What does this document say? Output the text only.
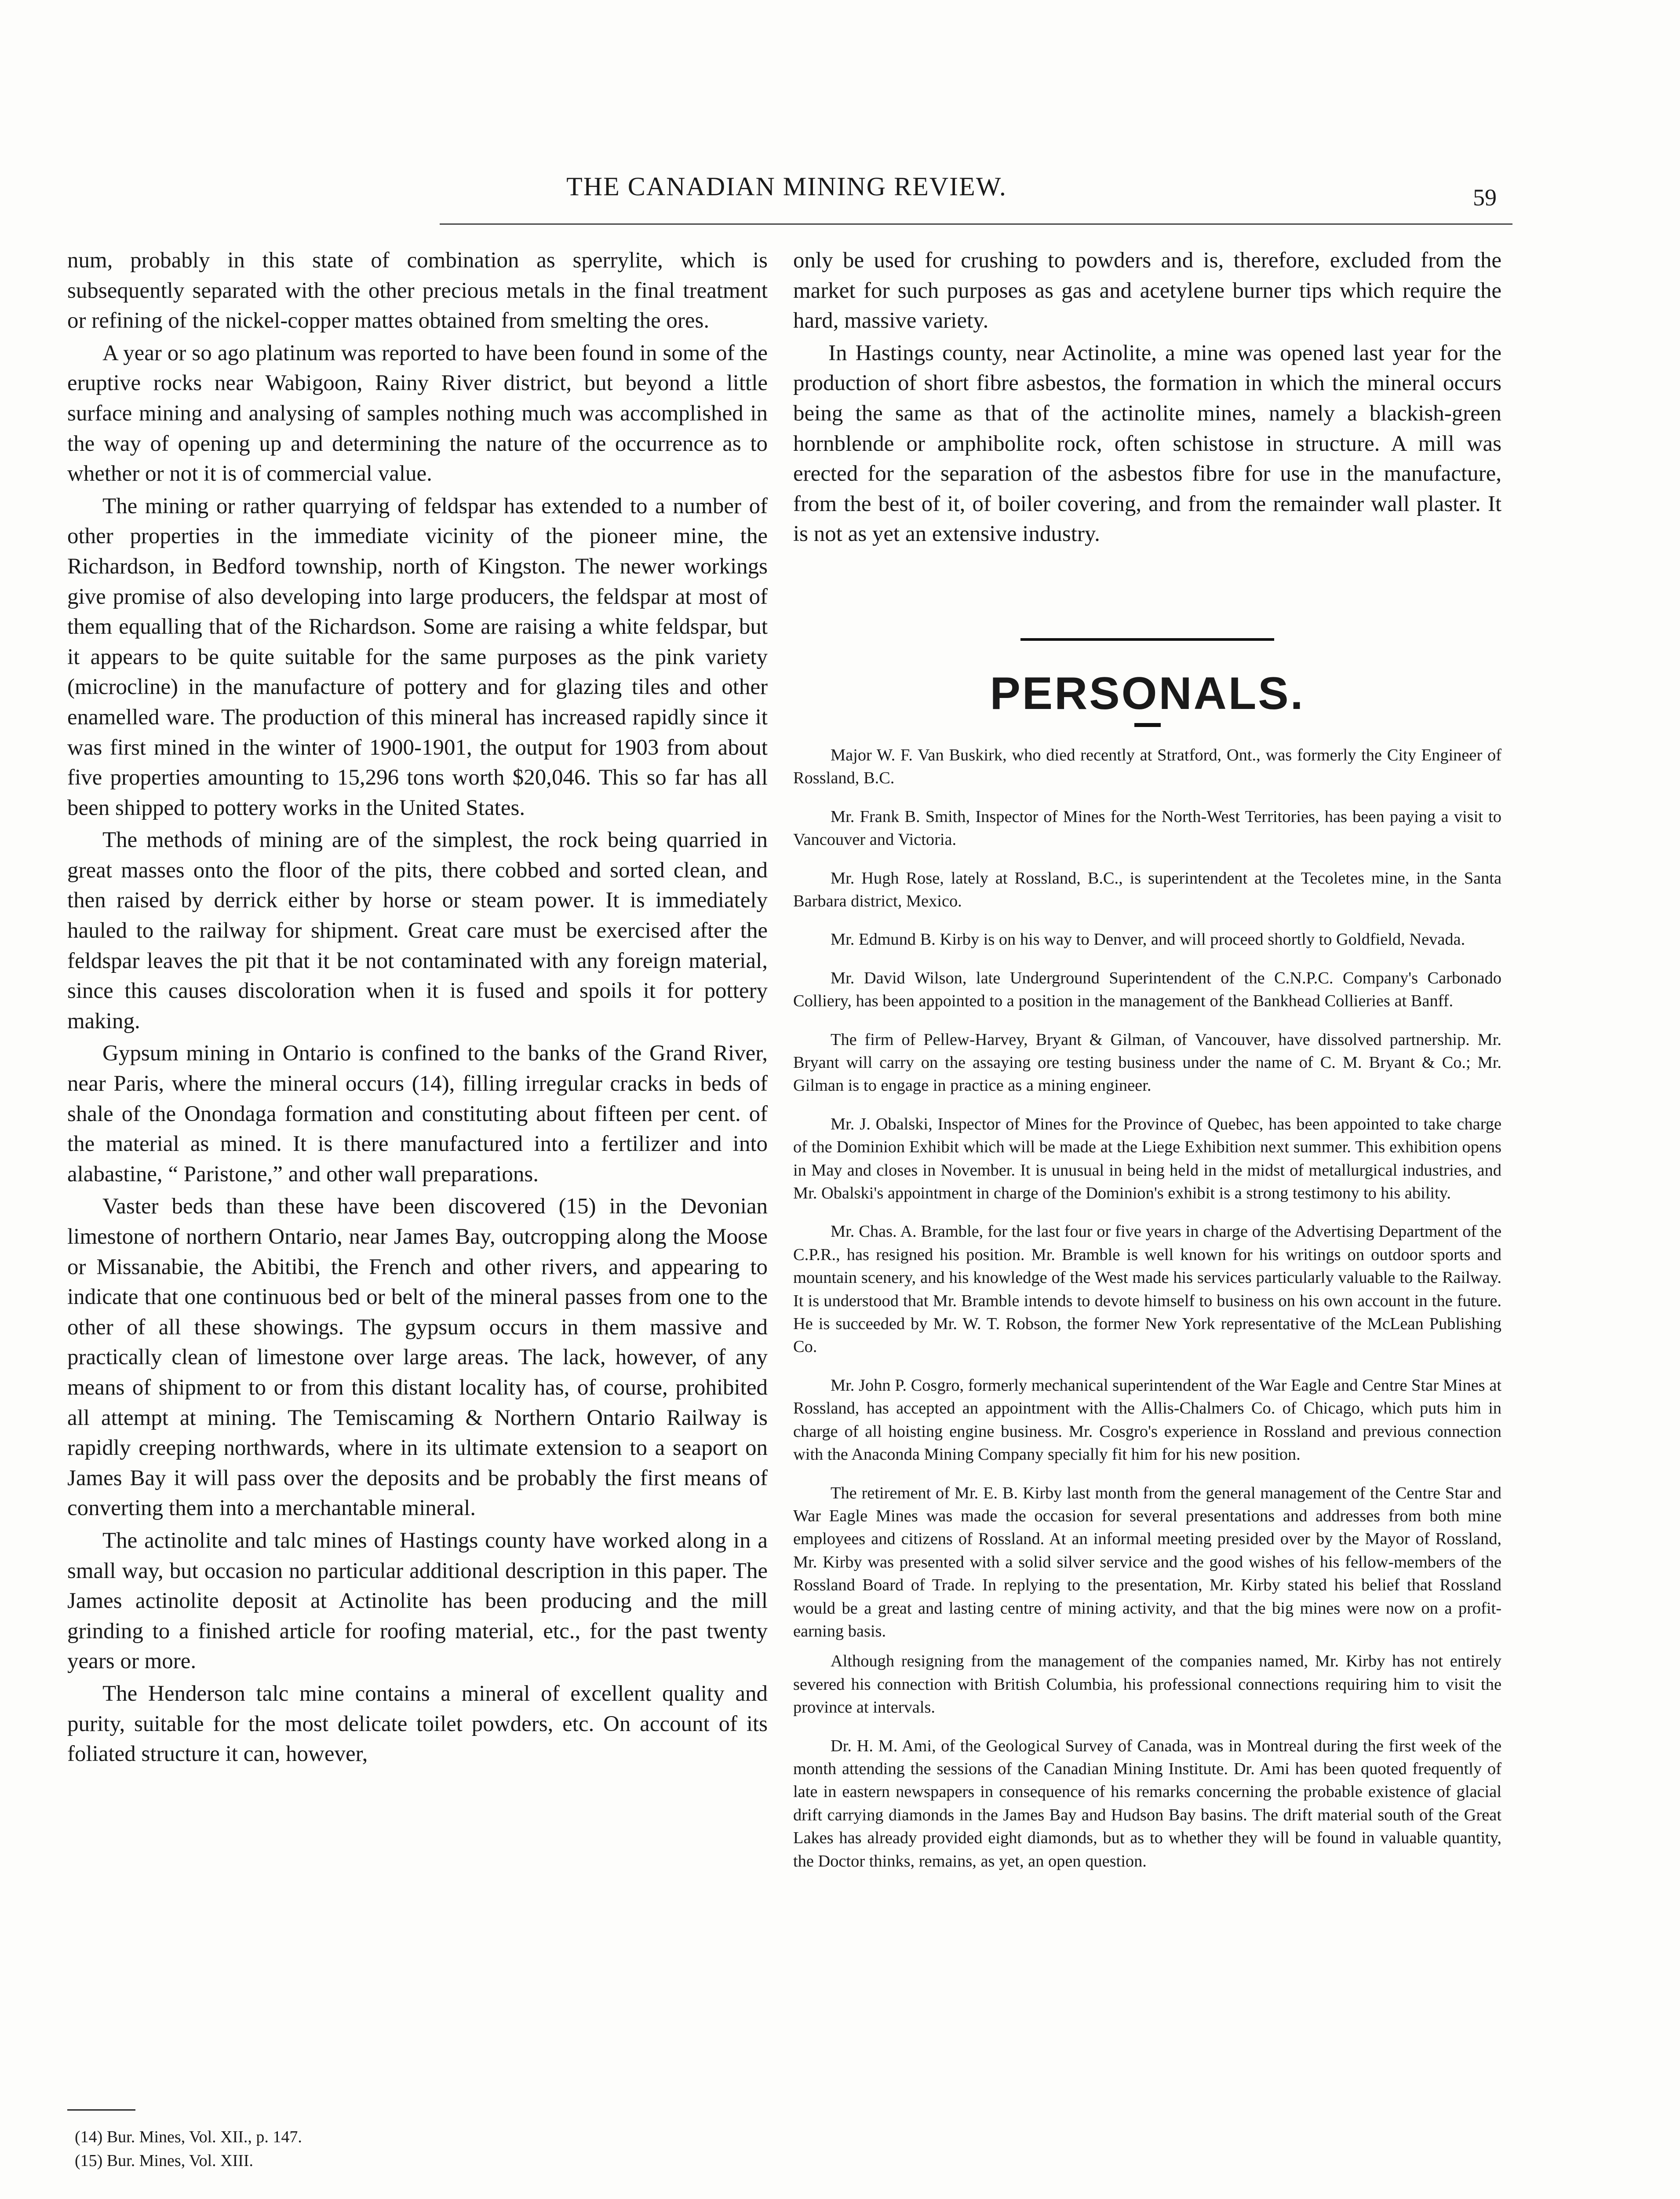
THE CANADIAN MINING REVIEW.	59

num, probably in this state of combination as sperrylite, which is subsequently separated with the other precious metals in the final treatment or refining of the nickel-copper mattes obtained from smelting the ores.

A year or so ago platinum was reported to have been found in some of the eruptive rocks near Wabigoon, Rainy River district, but beyond a little surface mining and analysing of samples nothing much was accomplished in the way of opening up and determining the nature of the occurrence as to whether or not it is of commercial value.

The mining or rather quarrying of feldspar has extended to a number of other properties in the immediate vicinity of the pioneer mine, the Richardson, in Bedford township, north of Kingston. The newer workings give promise of also developing into large producers, the feldspar at most of them equalling that of the Richardson. Some are raising a white feldspar, but it appears to be quite suitable for the same purposes as the pink variety (microcline) in the manufacture of pottery and for glazing tiles and other enamelled ware. The production of this mineral has increased rapidly since it was first mined in the winter of 1900-1901, the output for 1903 from about five properties amounting to 15,296 tons worth $20,046. This so far has all been shipped to pottery works in the United States.

The methods of mining are of the simplest, the rock being quarried in great masses onto the floor of the pits, there cobbed and sorted clean, and then raised by derrick either by horse or steam power. It is immediately hauled to the railway for shipment. Great care must be exercised after the feldspar leaves the pit that it be not contaminated with any foreign material, since this causes discoloration when it is fused and spoils it for pottery making.

Gypsum mining in Ontario is confined to the banks of the Grand River, near Paris, where the mineral occurs (14), filling irregular cracks in beds of shale of the Onondaga formation and constituting about fifteen per cent. of the material as mined. It is there manufactured into a fertilizer and into alabastine, “ Paristone,” and other wall preparations.

Vaster beds than these have been discovered (15) in the Devonian limestone of northern Ontario, near James Bay, outcropping along the Moose or Missanabie, the Abitibi, the French and other rivers, and appearing to indicate that one continuous bed or belt of the mineral passes from one to the other of all these showings. The gypsum occurs in them massive and practically clean of limestone over large areas. The lack, however, of any means of shipment to or from this distant locality has, of course, prohibited all attempt at mining. The Temiscaming & Northern Ontario Railway is rapidly creeping northwards, where in its ultimate extension to a seaport on James Bay it will pass over the deposits and be probably the first means of converting them into a merchantable mineral.

The actinolite and talc mines of Hastings county have worked along in a small way, but occasion no particular additional description in this paper. The James actinolite deposit at Actinolite has been producing and the mill grinding to a finished article for roofing material, etc., for the past twenty years or more.

The Henderson talc mine contains a mineral of excellent quality and purity, suitable for the most delicate toilet powders, etc. On account of its foliated structure it can, however,

only be used for crushing to powders and is, therefore, excluded from the market for such purposes as gas and acetylene burner tips which require the hard, massive variety.

In Hastings county, near Actinolite, a mine was opened last year for the production of short fibre asbestos, the formation in which the mineral occurs being the same as that of the actinolite mines, namely a blackish-green hornblende or amphibolite rock, often schistose in structure. A mill was erected for the separation of the asbestos fibre for use in the manufacture, from the best of it, of boiler covering, and from the remainder wall plaster. It is not as yet an extensive industry.

PERSONALS.

Major W. F. Van Buskirk, who died recently at Stratford, Ont., was formerly the City Engineer of Rossland, B.C.

Mr. Frank B. Smith, Inspector of Mines for the North-West Territories, has been paying a visit to Vancouver and Victoria.

Mr. Hugh Rose, lately at Rossland, B.C., is superintendent at the Tecoletes mine, in the Santa Barbara district, Mexico.

Mr. Edmund B. Kirby is on his way to Denver, and will proceed shortly to Goldfield, Nevada.

Mr. David Wilson, late Underground Superintendent of the C.N.P.C. Company's Carbonado Colliery, has been appointed to a position in the management of the Bankhead Collieries at Banff.

The firm of Pellew-Harvey, Bryant & Gilman, of Vancouver, have dissolved partnership. Mr. Bryant will carry on the assaying ore testing business under the name of C. M. Bryant & Co.; Mr. Gilman is to engage in practice as a mining engineer.

Mr. J. Obalski, Inspector of Mines for the Province of Quebec, has been appointed to take charge of the Dominion Exhibit which will be made at the Liege Exhibition next summer. This exhibition opens in May and closes in November. It is unusual in being held in the midst of metallurgical industries, and Mr. Obalski's appointment in charge of the Dominion's exhibit is a strong testimony to his ability.

Mr. Chas. A. Bramble, for the last four or five years in charge of the Advertising Department of the C.P.R., has resigned his position. Mr. Bramble is well known for his writings on outdoor sports and mountain scenery, and his knowledge of the West made his services particularly valuable to the Railway. It is understood that Mr. Bramble intends to devote himself to business on his own account in the future. He is succeeded by Mr. W. T. Robson, the former New York representative of the McLean Publishing Co.

Mr. John P. Cosgro, formerly mechanical superintendent of the War Eagle and Centre Star Mines at Rossland, has accepted an appointment with the Allis-Chalmers Co. of Chicago, which puts him in charge of all hoisting engine business. Mr. Cosgro's experience in Rossland and previous connection with the Anaconda Mining Company specially fit him for his new position.

The retirement of Mr. E. B. Kirby last month from the general management of the Centre Star and War Eagle Mines was made the occasion for several presentations and addresses from both mine employees and citizens of Rossland. At an informal meeting presided over by the Mayor of Rossland, Mr. Kirby was presented with a solid silver service and the good wishes of his fellow-members of the Rossland Board of Trade. In replying to the presentation, Mr. Kirby stated his belief that Rossland would be a great and lasting centre of mining activity, and that the big mines were now on a profit-earning basis.

Although resigning from the management of the companies named, Mr. Kirby has not entirely severed his connection with British Columbia, his professional connections requiring him to visit the province at intervals.

Dr. H. M. Ami, of the Geological Survey of Canada, was in Montreal during the first week of the month attending the sessions of the Canadian Mining Institute. Dr. Ami has been quoted frequently of late in eastern newspapers in consequence of his remarks concerning the probable existence of glacial drift carrying diamonds in the James Bay and Hudson Bay basins. The drift material south of the Great Lakes has already provided eight diamonds, but as to whether they will be found in valuable quantity, the Doctor thinks, remains, as yet, an open question.

(14) Bur. Mines, Vol. XII., p. 147.
(15) Bur. Mines, Vol. XIII.
